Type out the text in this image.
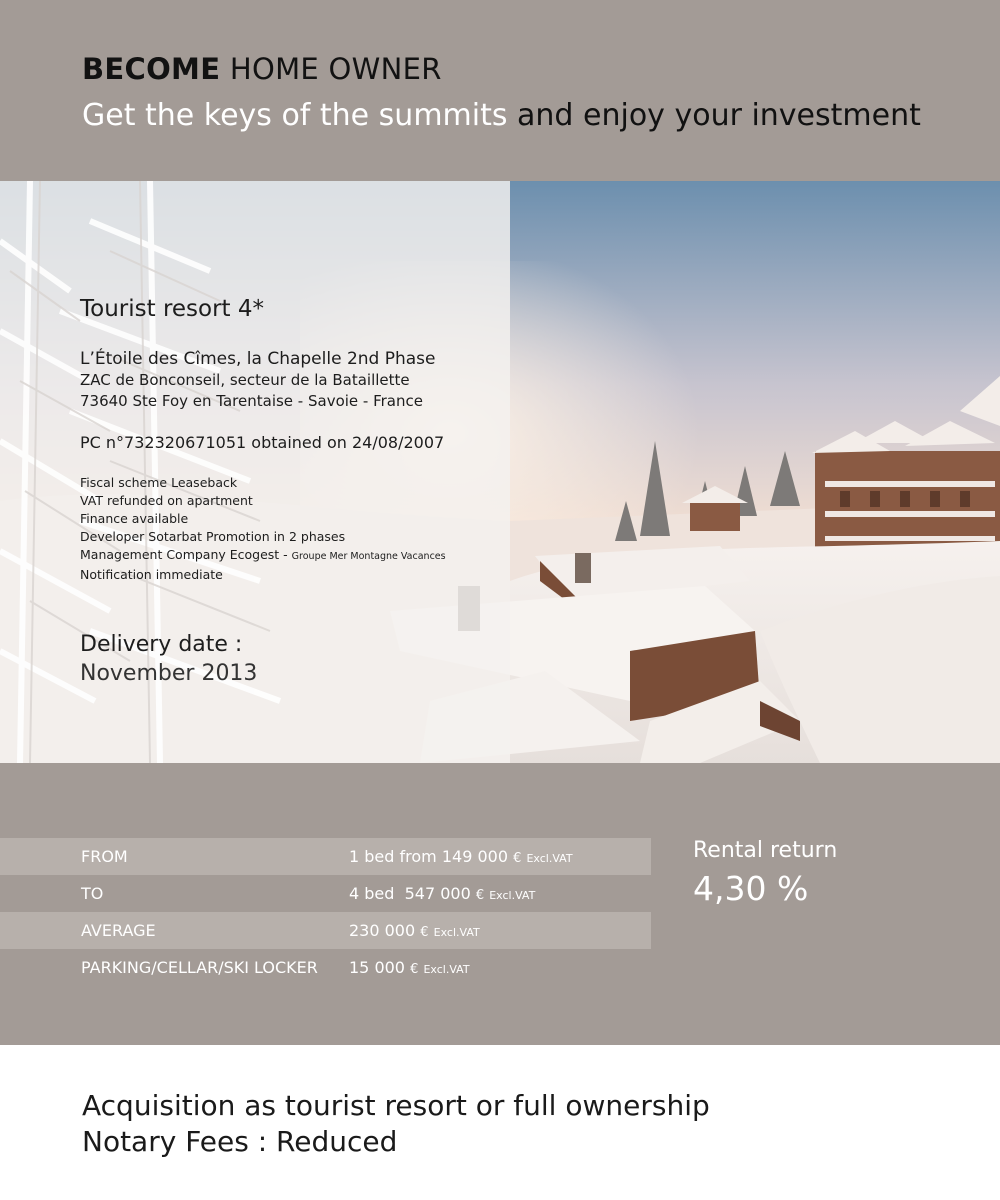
BECOME HOME OWNER
Get the keys of the summits and enjoy your investment
Tourist resort 4*
L’Étoile des Cîmes, la Chapelle 2nd Phase
ZAC de Bonconseil, secteur de la Bataillette
73640 Ste Foy en Tarentaise - Savoie - France
PC n°732320671051 obtained on 24/08/2007
Fiscal scheme Leaseback
VAT refunded on apartment
Finance available
Developer Sotarbat Promotion in 2 phases
Management Company Ecogest - Groupe Mer Montagne Vacances
Notification immediate
Delivery date :
November 2013
FROM	1 bed from 149 000 € Excl.VAT
TO	4 bed  547 000 € Excl.VAT
AVERAGE	230 000 € Excl.VAT
PARKING/CELLAR/SKI LOCKER 15 000 € Excl.VAT
Rental return
4,30 %
Acquisition as tourist resort or full ownership
Notary Fees : Reduced
